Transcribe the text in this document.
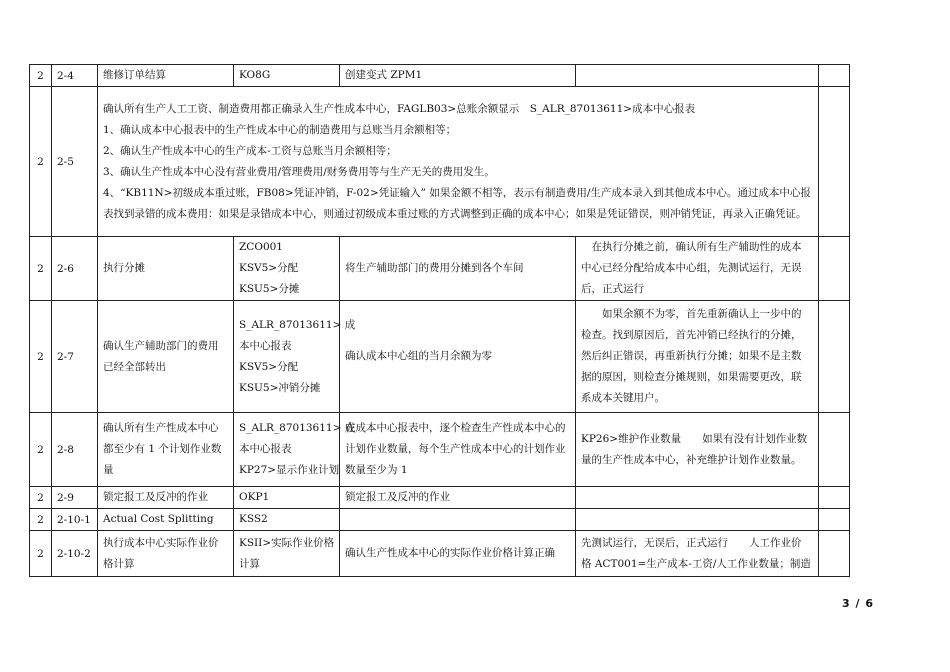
2	2-4	维修订单结算	KO8G	创建变式 ZPM1		

2	2-5	确认所有生产人工工资、制造费用都正确录入生产性成本中心，FAGLB03>总账余额显示　S_ALR_87013611>成本中心报表
1、确认成本中心报表中的生产性成本中心的制造费用与总账当月余额相等；
2、确认生产性成本中心的生产成本-工资与总账当月余额相等；
3、确认生产性成本中心没有营业费用/管理费用/财务费用等与生产无关的费用发生。
4、“KB11N>初级成本重过账，FB08>凭证冲销，F-02>凭证输入” 如果金额不相等，表示有制造费用/生产成本录入到其他成本中心。通过成本中心报表找到录错的成本费用：如果是录错成本中心，则通过初级成本重过账的方式调整到正确的成本中心；如果是凭证错误，则冲销凭证，再录入正确凭证。				

2	2-6	执行分摊	ZCO001
KSV5>分配
KSU5>分摊	将生产辅助部门的费用分摊到各个车间	　在执行分摊之前，确认所有生产辅助性的成本
中心已经分配给成本中心组，先测试运行，无误
后，正式运行	

2	2-7	确认生产辅助部门的费用
已经全部转出	S_ALR_87013611> 成
本中心报表
KSV5>分配
KSU5>冲销分摊	确认成本中心组的当月余额为零	　　如果余额不为零，首先重新确认上一步中的
检查。找到原因后，首先冲销已经执行的分摊，
然后纠正错误，再重新执行分摊；如果不是主数
据的原因，则检查分摊规则，如果需要更改，联
系成本关键用户。	

2	2-8	确认所有生产性成本中心
都至少有 1 个计划作业数
量	S_ALR_87013611> 成
本中心报表
KP27>显示作业计划	在成本中心报表中，逐个检查生产性成本中心的
计划作业数量，每个生产性成本中心的计划作业
数量至少为 1	KP26>维护作业数量　　如果有没有计划作业数
量的生产性成本中心，补充维护计划作业数量。	

2	2-9	锁定报工及反冲的作业	OKP1	锁定报工及反冲的作业		

2	2-10-1	Actual Cost Splitting	KSS2			

2	2-10-2	执行成本中心实际作业价
格计算	KSII>实际作业价格
计算	确认生产性成本中心的实际作业价格计算正确	先测试运行，无误后，正式运行　　人工作业价
格 ACT001=生产成本-工资/人工作业数量；制造	

3 / 6
